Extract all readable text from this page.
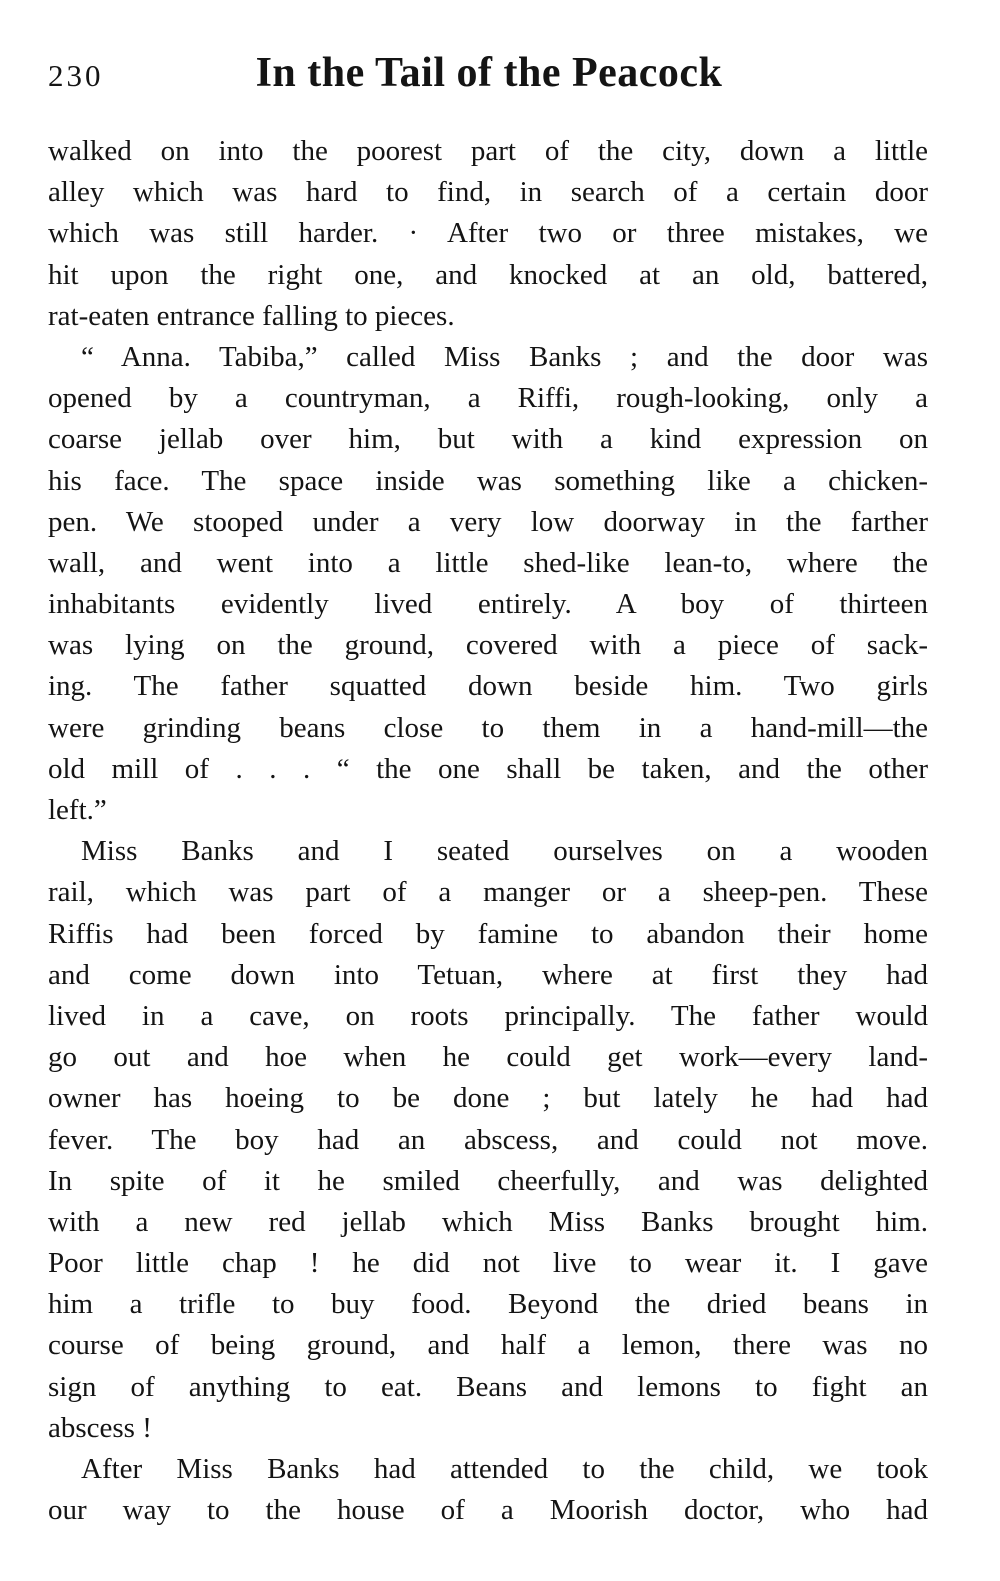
230	In the Tail of the Peacock
walked on into the poorest part of the city, down a little
alley which was hard to find, in search of a certain door
which was still harder. · After two or three mistakes, we
hit upon the right one, and knocked at an old, battered,
rat-eaten entrance falling to pieces.
“ Anna. Tabiba,” called Miss Banks ; and the door was
opened by a countryman, a Riffi, rough-looking, only a
coarse jellab over him, but with a kind expression on
his face. The space inside was something like a chicken-
pen. We stooped under a very low doorway in the farther
wall, and went into a little shed-like lean-to, where the
inhabitants evidently lived entirely. A boy of thirteen
was lying on the ground, covered with a piece of sack-
ing. The father squatted down beside him. Two girls
were grinding beans close to them in a hand-mill—the
old mill of . . . “ the one shall be taken, and the other
left.”
Miss Banks and I seated ourselves on a wooden
rail, which was part of a manger or a sheep-pen. These
Riffis had been forced by famine to abandon their home
and come down into Tetuan, where at first they had
lived in a cave, on roots principally. The father would
go out and hoe when he could get work—every land-
owner has hoeing to be done ; but lately he had had
fever. The boy had an abscess, and could not move.
In spite of it he smiled cheerfully, and was delighted
with a new red jellab which Miss Banks brought him.
Poor little chap ! he did not live to wear it. I gave
him a trifle to buy food. Beyond the dried beans in
course of being ground, and half a lemon, there was no
sign of anything to eat. Beans and lemons to fight an
abscess !
After Miss Banks had attended to the child, we took
our way to the house of a Moorish doctor, who had
